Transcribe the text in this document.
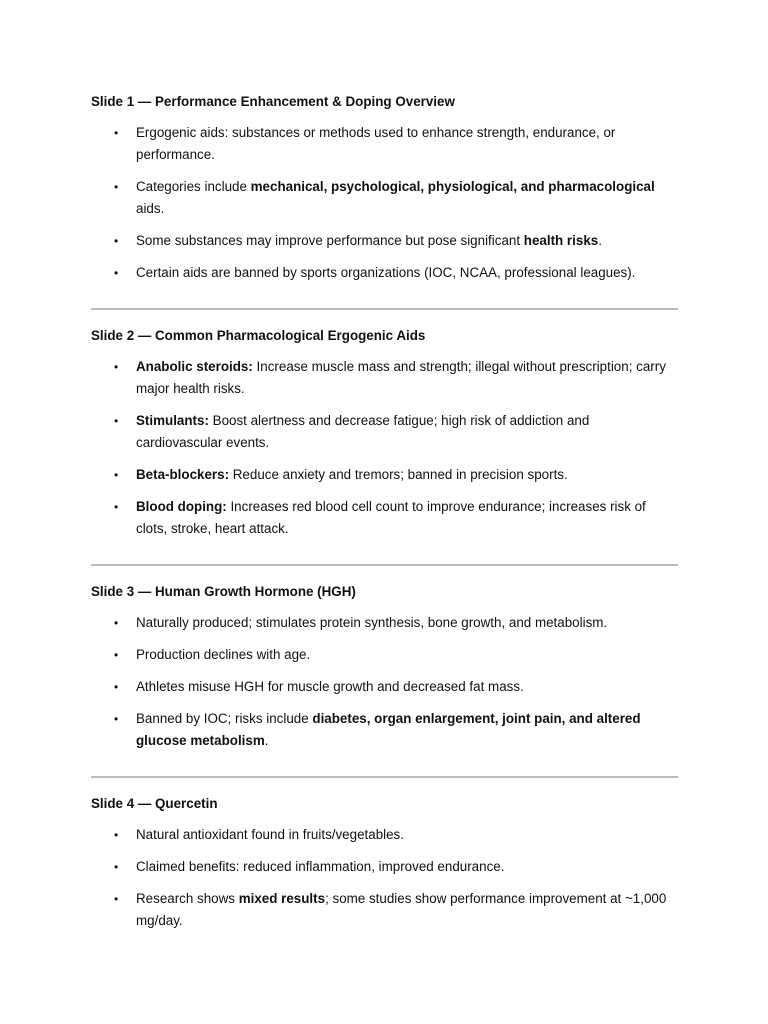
Slide 1 — Performance Enhancement & Doping Overview
• Ergogenic aids: substances or methods used to enhance strength, endurance, or performance.
• Categories include mechanical, psychological, physiological, and pharmacological aids.
• Some substances may improve performance but pose significant health risks.
• Certain aids are banned by sports organizations (IOC, NCAA, professional leagues).
Slide 2 — Common Pharmacological Ergogenic Aids
• Anabolic steroids: Increase muscle mass and strength; illegal without prescription; carry major health risks.
• Stimulants: Boost alertness and decrease fatigue; high risk of addiction and cardiovascular events.
• Beta-blockers: Reduce anxiety and tremors; banned in precision sports.
• Blood doping: Increases red blood cell count to improve endurance; increases risk of clots, stroke, heart attack.
Slide 3 — Human Growth Hormone (HGH)
• Naturally produced; stimulates protein synthesis, bone growth, and metabolism.
• Production declines with age.
• Athletes misuse HGH for muscle growth and decreased fat mass.
• Banned by IOC; risks include diabetes, organ enlargement, joint pain, and altered glucose metabolism.
Slide 4 — Quercetin
• Natural antioxidant found in fruits/vegetables.
• Claimed benefits: reduced inflammation, improved endurance.
• Research shows mixed results; some studies show performance improvement at ~1,000 mg/day.
